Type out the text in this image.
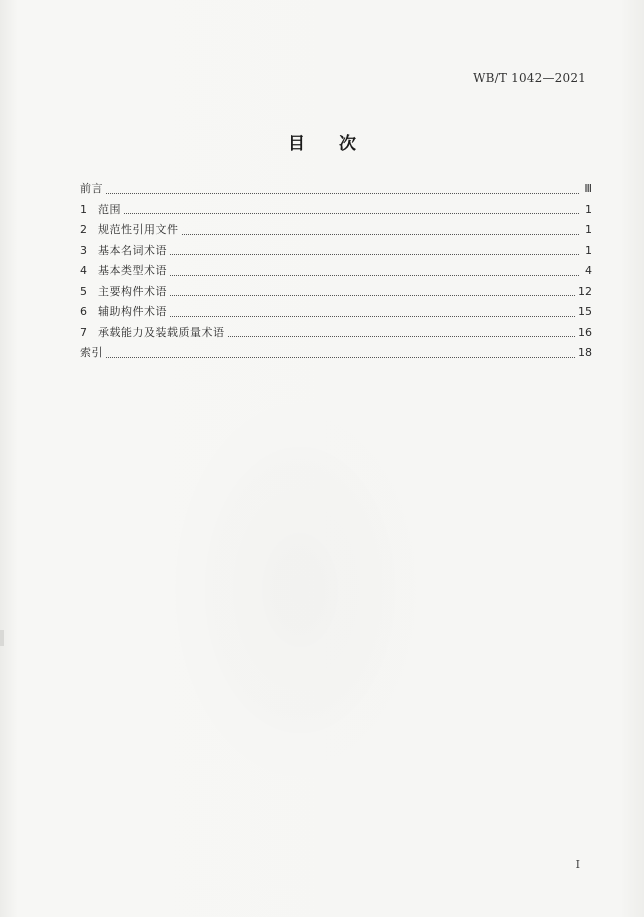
WB/T 1042—2021
目次
前言	Ⅲ
1	范围	1
2	规范性引用文件	1
3	基本名词术语	1
4	基本类型术语	4
5	主要构件术语	12
6	辅助构件术语	15
7	承载能力及装载质量术语	16
索引	18
Ⅰ
